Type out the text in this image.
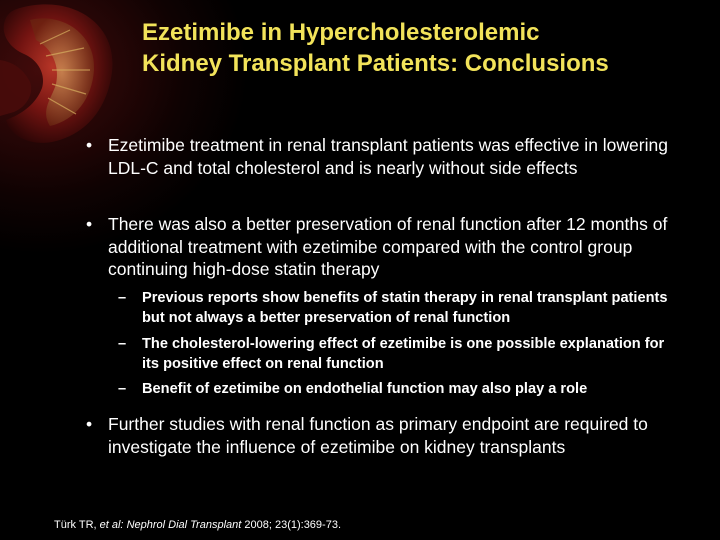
Ezetimibe in Hypercholesterolemic
Kidney Transplant Patients: Conclusions
• Ezetimibe treatment in renal transplant patients was effective in lowering LDL-C and total cholesterol and is nearly without side effects
• There was also a better preservation of renal function after 12 months of additional treatment with ezetimibe compared with the control group continuing high-dose statin therapy
– Previous reports show benefits of statin therapy in renal transplant patients but not always a better preservation of renal function
– The cholesterol-lowering effect of ezetimibe is one possible explanation for its positive effect on renal function
– Benefit of ezetimibe on endothelial function may also play a role
• Further studies with renal function as primary endpoint are required to investigate the influence of ezetimibe on kidney transplants
Türk TR, et al: Nephrol Dial Transplant 2008; 23(1):369-73.
